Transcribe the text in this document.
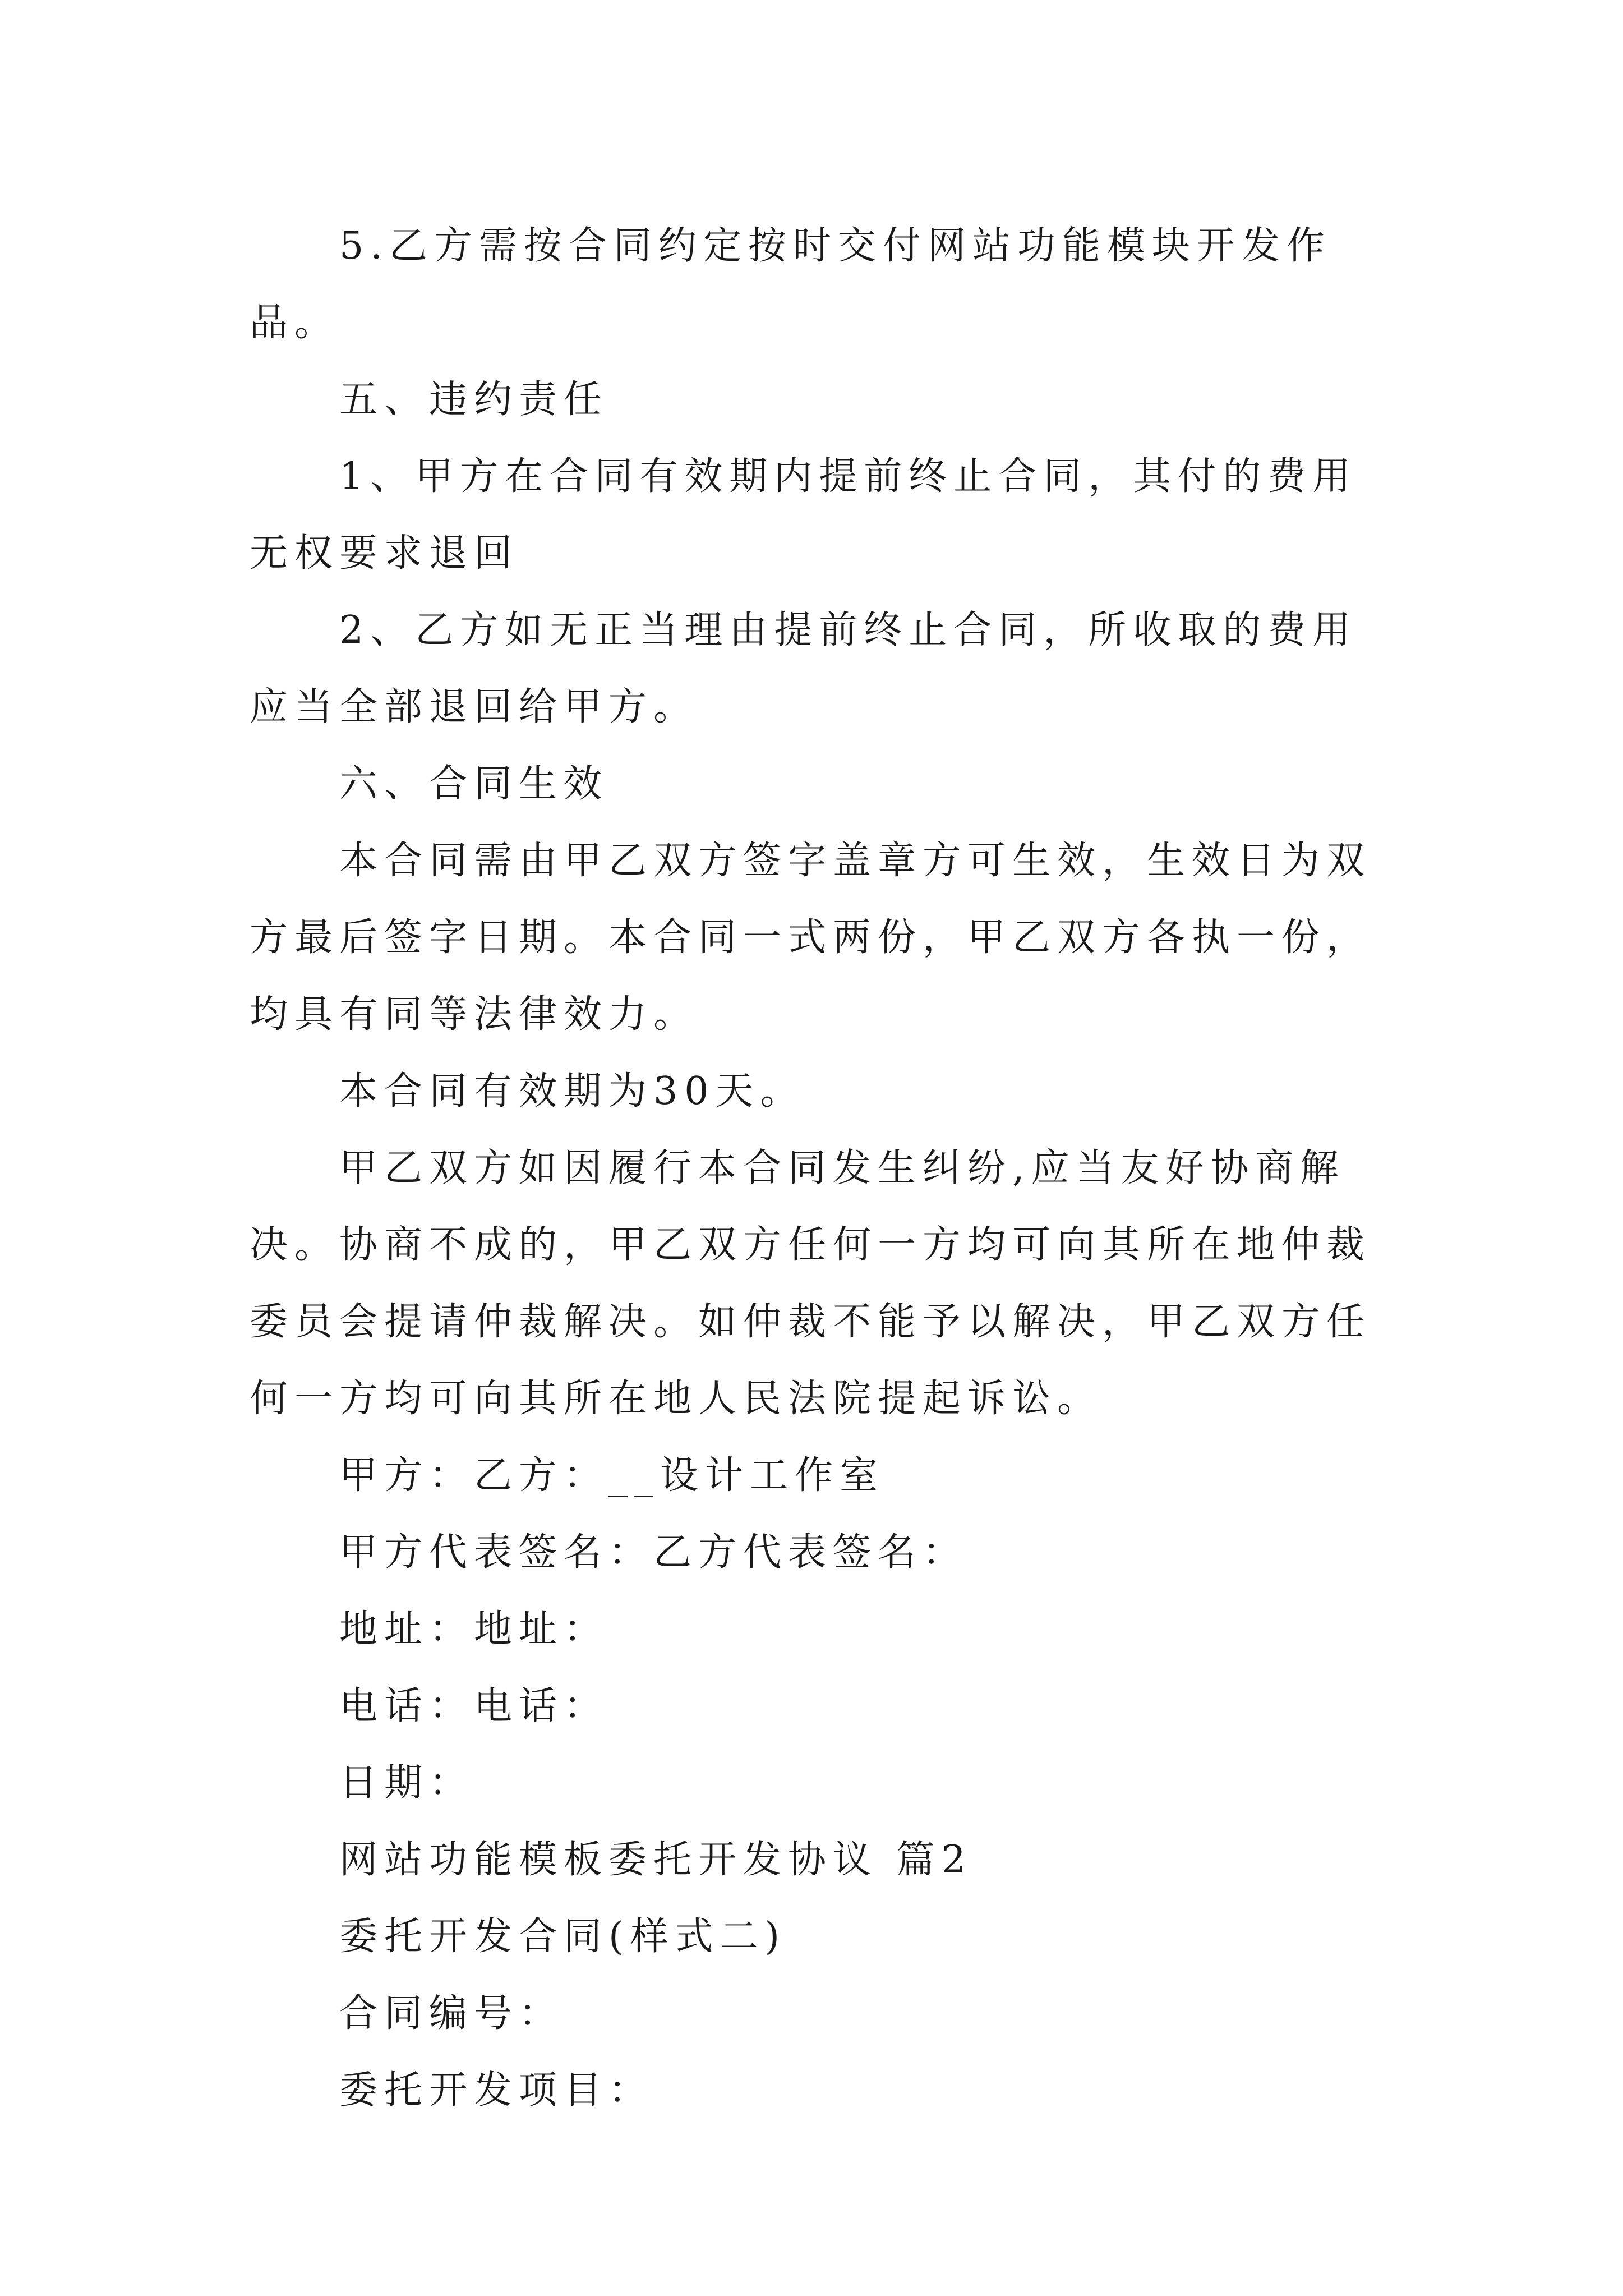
5.乙方需按合同约定按时交付网站功能模块开发作品。

五、违约责任

1、甲方在合同有效期内提前终止合同，其付的费用无权要求退回

2、乙方如无正当理由提前终止合同，所收取的费用应当全部退回给甲方。

六、合同生效

本合同需由甲乙双方签字盖章方可生效，生效日为双方最后签字日期。本合同一式两份，甲乙双方各执一份，均具有同等法律效力。

本合同有效期为30天。

甲乙双方如因履行本合同发生纠纷,应当友好协商解决。协商不成的，甲乙双方任何一方均可向其所在地仲裁委员会提请仲裁解决。如仲裁不能予以解决，甲乙双方任何一方均可向其所在地人民法院提起诉讼。

甲方：乙方：__设计工作室

甲方代表签名：乙方代表签名：

地址：地址：

电话：电话：

日期：

网站功能模板委托开发协议 篇2

委托开发合同(样式二)

合同编号：

委托开发项目：
